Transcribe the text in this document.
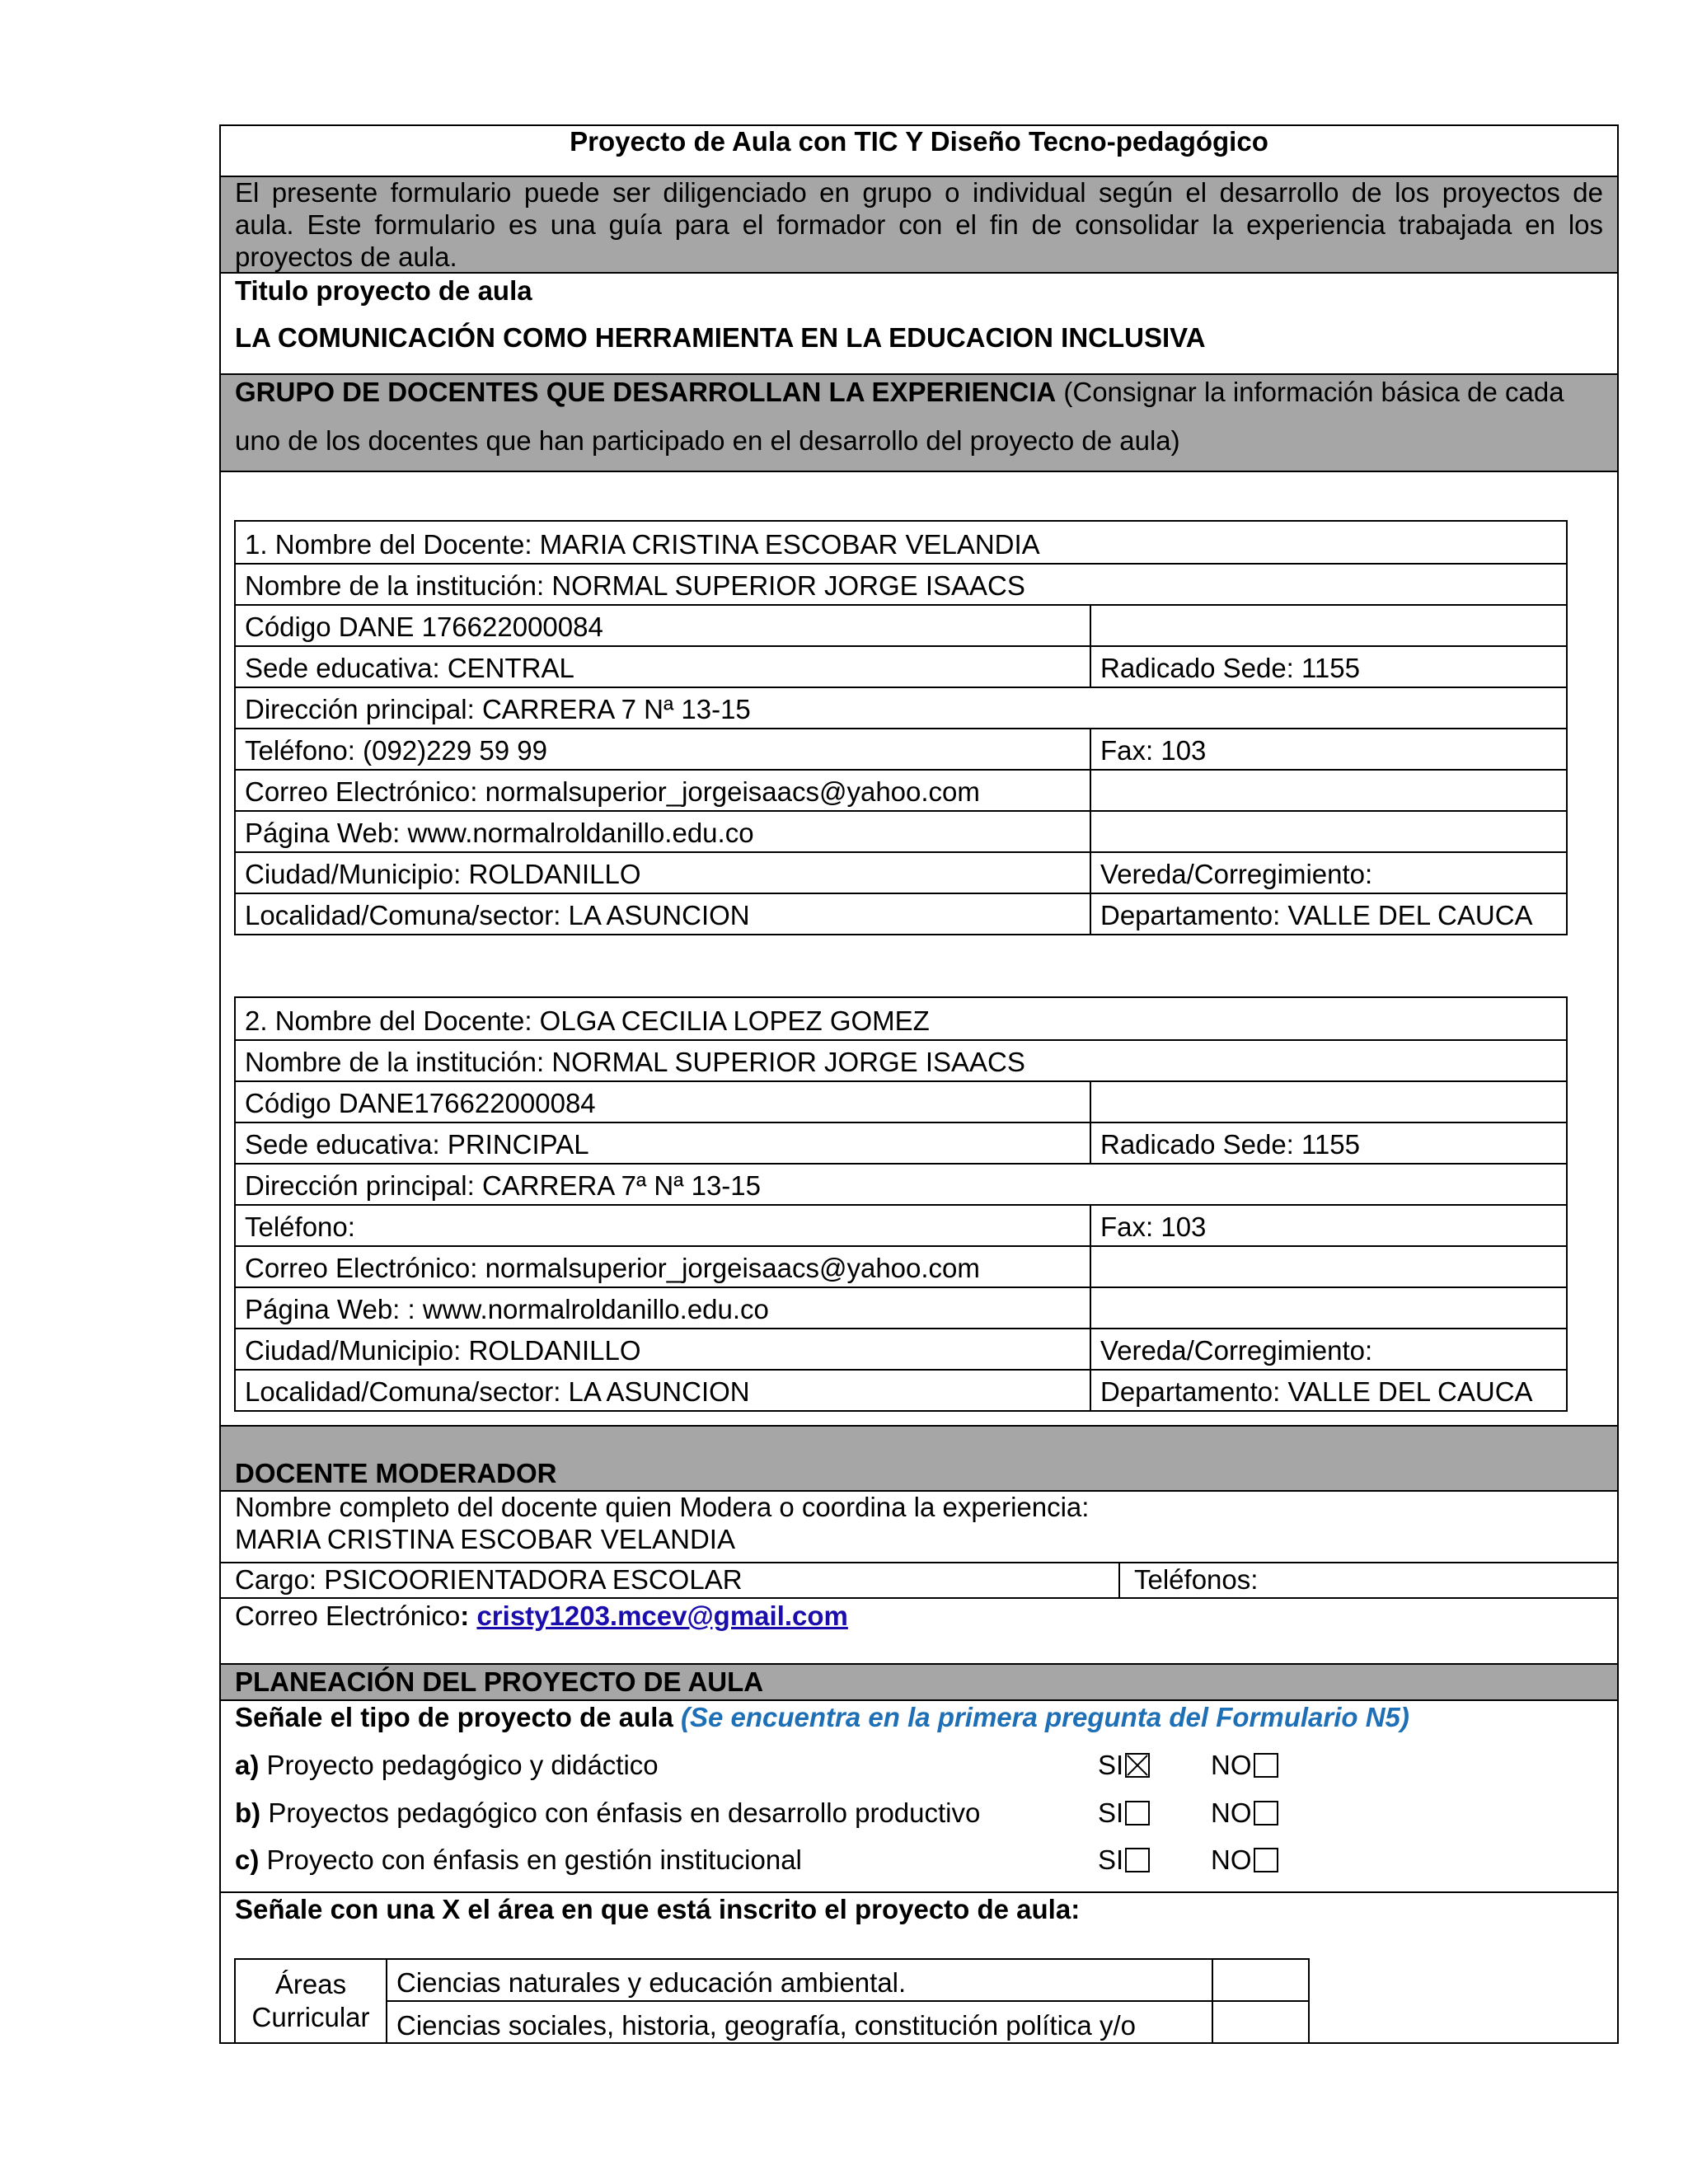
Proyecto de Aula con TIC Y Diseño Tecno-pedagógico
El presente formulario puede ser diligenciado en grupo o individual según el desarrollo de los proyectos de
aula. Este formulario es una guía para el formador con el fin de consolidar la experiencia trabajada en los
proyectos de aula.
Titulo proyecto de aula
LA COMUNICACIÓN COMO HERRAMIENTA EN LA EDUCACION INCLUSIVA
GRUPO DE DOCENTES QUE DESARROLLAN LA EXPERIENCIA (Consignar la información básica de cada
uno de los docentes que han participado en el desarrollo del proyecto de aula)
1. Nombre del Docente: MARIA CRISTINA ESCOBAR VELANDIA	
Nombre de la institución: NORMAL SUPERIOR JORGE ISAACS	
Código DANE 176622000084	
Sede educativa: CENTRAL	Radicado Sede: 1155
Dirección principal: CARRERA 7 Nª 13-15	
Teléfono: (092)229 59 99	Fax: 103
Correo Electrónico: normalsuperior_jorgeisaacs@yahoo.com	
Página Web: www.normalroldanillo.edu.co	
Ciudad/Municipio: ROLDANILLO	Vereda/Corregimiento:
Localidad/Comuna/sector: LA ASUNCION	Departamento: VALLE DEL CAUCA
2. Nombre del Docente: OLGA CECILIA LOPEZ GOMEZ	
Nombre de la institución: NORMAL SUPERIOR JORGE ISAACS	
Código DANE176622000084	
Sede educativa: PRINCIPAL	Radicado Sede: 1155
Dirección principal: CARRERA 7ª Nª 13-15	
Teléfono:	Fax: 103
Correo Electrónico: normalsuperior_jorgeisaacs@yahoo.com	
Página Web: : www.normalroldanillo.edu.co	
Ciudad/Municipio: ROLDANILLO	Vereda/Corregimiento:
Localidad/Comuna/sector: LA ASUNCION	Departamento: VALLE DEL CAUCA
DOCENTE MODERADOR
Nombre completo del docente quien Modera o coordina la experiencia:
MARIA CRISTINA ESCOBAR VELANDIA
Cargo: PSICOORIENTADORA ESCOLAR	Teléfonos:
Correo Electrónico: cristy1203.mcev@gmail.com
PLANEACIÓN DEL PROYECTO DE AULA
Señale el tipo de proyecto de aula (Se encuentra en la primera pregunta del Formulario N5)
a) Proyecto pedagógico y didáctico	SI	NO
b) Proyectos pedagógico con énfasis en desarrollo productivo	SI	NO
c) Proyecto con énfasis en gestión institucional	SI	NO
Señale con una X el área en que está inscrito el proyecto de aula:
Áreas
Curricular
Ciencias naturales y educación ambiental.
Ciencias sociales, historia, geografía, constitución política y/o
